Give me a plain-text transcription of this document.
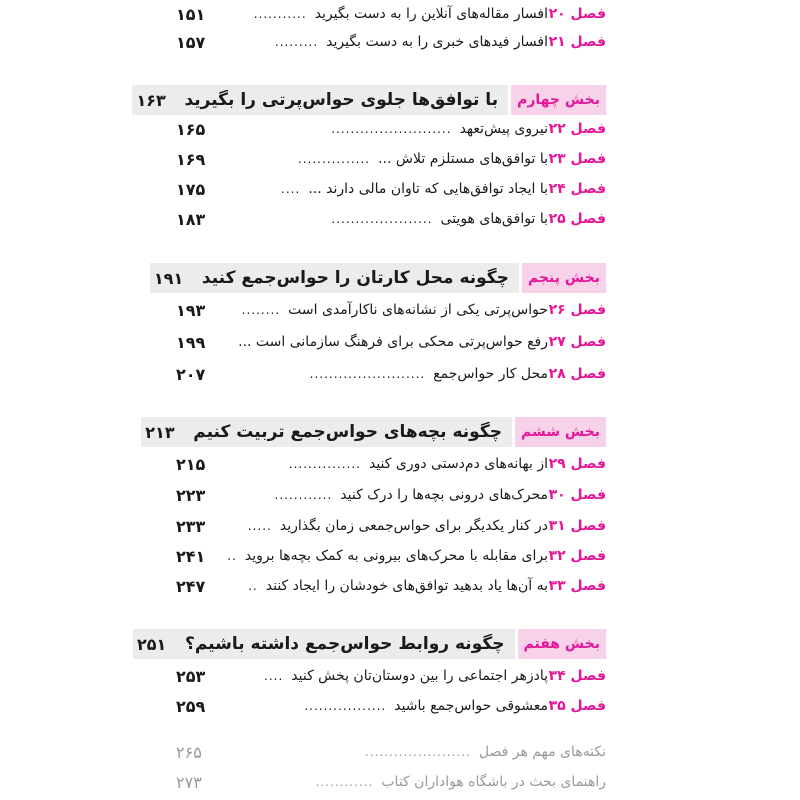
فصل ۲۰
افسار مقاله‌های آنلاین را به دست بگیرید
...........
۱۵۱
فصل ۲۱
افسار فیدهای خبری را به دست بگیرید
.........
۱۵۷
بخش چهارم
با توافق‌ها جلوی حواس‌پرتی را بگیرید
۱۶۳
فصل ۲۲
نیروی پیش‌تعهد
.........................
۱۶۵
فصل ۲۳
با توافق‌های مستلزم تلاش ...
...............
۱۶۹
فصل ۲۴
با ایجاد توافق‌هایی که تاوان مالی دارند ...
....
۱۷۵
فصل ۲۵
با توافق‌های هویتی
.....................
۱۸۳
بخش پنجم
چگونه محل کارتان را حواس‌جمع کنید
۱۹۱
فصل ۲۶
حواس‌پرتی یکی از نشانه‌های ناکارآمدی است
........
۱۹۳
فصل ۲۷
رفع حواس‌پرتی محکی برای فرهنگ سازمانی است ...
۱۹۹
فصل ۲۸
محل کار حواس‌جمع
........................
۲۰۷
بخش ششم
چگونه بچه‌های حواس‌جمع تربیت کنیم
۲۱۳
فصل ۲۹
از بهانه‌های دم‌دستی دوری کنید
...............
۲۱۵
فصل ۳۰
محرک‌های درونی بچه‌ها را درک کنید
............
۲۲۳
فصل ۳۱
در کنار یکدیگر برای حواس‌جمعی زمان بگذارید
.....
۲۳۳
فصل ۳۲
برای مقابله با محرک‌های بیرونی به کمک بچه‌ها بروید
..
۲۴۱
فصل ۳۳
به آن‌ها یاد بدهید توافق‌های خودشان را ایجاد کنند
..
۲۴۷
بخش هفتم
چگونه روابط حواس‌جمع داشته باشیم؟
۲۵۱
فصل ۳۴
پادزهر اجتماعی را بین دوستان‌تان پخش کنید
....
۲۵۳
فصل ۳۵
معشوقی حواس‌جمع باشید
.................
۲۵۹
نکته‌های مهم هر فصل
......................
۲۶۵
راهنمای بحث در باشگاه هواداران کتاب
............
۲۷۳
